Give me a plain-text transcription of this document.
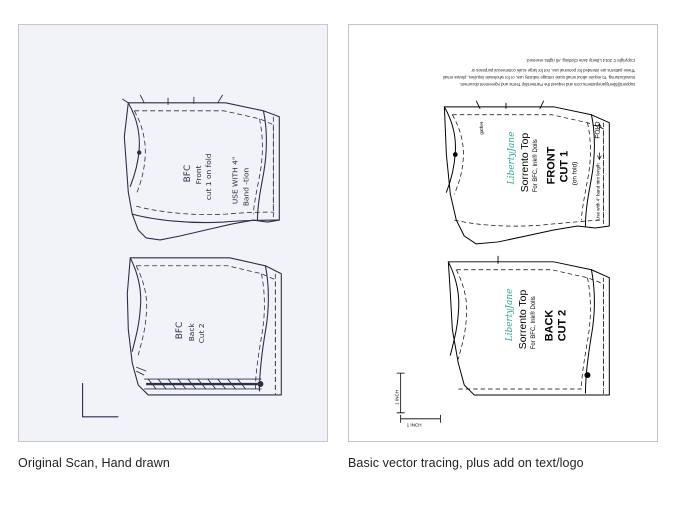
BFC Front cut 1 on fold USE WITH 4" Band -tion
BFC Back Cut 2
Copyright © 2014 Liberty Jane Clothing. All rights reserved.
These patterns are intended for personal use, not for large scale commercial purposes or
manufacturing. To inquire about small scale cottage industry use, or for wholesale inquiries, please email
support@libertyjanepatterns.com and request the Partnership Terms and Agreement document.
LibertyJane Sorrento Top For BFC, Ink® Dolls FRONT CUT 1 (on fold)
FOLD
Use with 4" band trim length
gather
LibertyJane Sorrento Top For BFC, Ink® Dolls BACK CUT 2
1 INCH
1 INCH
Original Scan, Hand drawn	Basic vector tracing, plus add on text/logo
